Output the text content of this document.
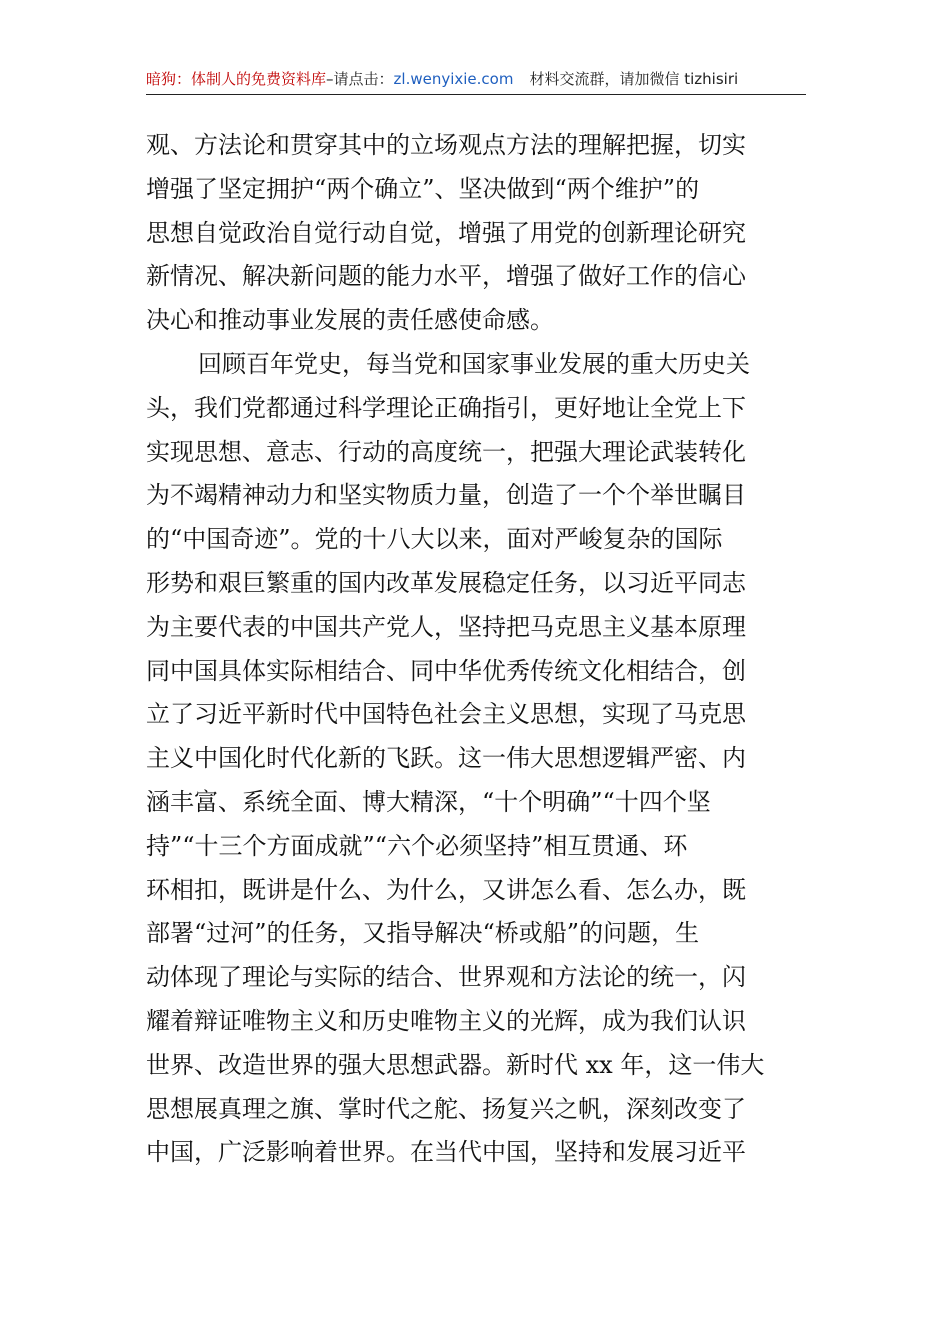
暗狗：体制人的免费资料库–请点击：zl.wenyixie.com 材料交流群，请加微信 tizhisiri
观、方法论和贯穿其中的立场观点方法的理解把握，切实
增强了坚定拥护“两个确立”、坚决做到“两个维护”的
思想自觉政治自觉行动自觉，增强了用党的创新理论研究
新情况、解决新问题的能力水平，增强了做好工作的信心
决心和推动事业发展的责任感使命感。
回顾百年党史，每当党和国家事业发展的重大历史关
头，我们党都通过科学理论正确指引，更好地让全党上下
实现思想、意志、行动的高度统一，把强大理论武装转化
为不竭精神动力和坚实物质力量，创造了一个个举世瞩目
的“中国奇迹”。党的十八大以来，面对严峻复杂的国际
形势和艰巨繁重的国内改革发展稳定任务，以习近平同志
为主要代表的中国共产党人，坚持把马克思主义基本原理
同中国具体实际相结合、同中华优秀传统文化相结合，创
立了习近平新时代中国特色社会主义思想，实现了马克思
主义中国化时代化新的飞跃。这一伟大思想逻辑严密、内
涵丰富、系统全面、博大精深，“十个明确”“十四个坚
持”“十三个方面成就”“六个必须坚持”相互贯通、环
环相扣，既讲是什么、为什么，又讲怎么看、怎么办，既
部署“过河”的任务，又指导解决“桥或船”的问题，生
动体现了理论与实际的结合、世界观和方法论的统一，闪
耀着辩证唯物主义和历史唯物主义的光辉，成为我们认识
世界、改造世界的强大思想武器。新时代 xx 年，这一伟大
思想展真理之旗、掌时代之舵、扬复兴之帆，深刻改变了
中国，广泛影响着世界。在当代中国，坚持和发展习近平
